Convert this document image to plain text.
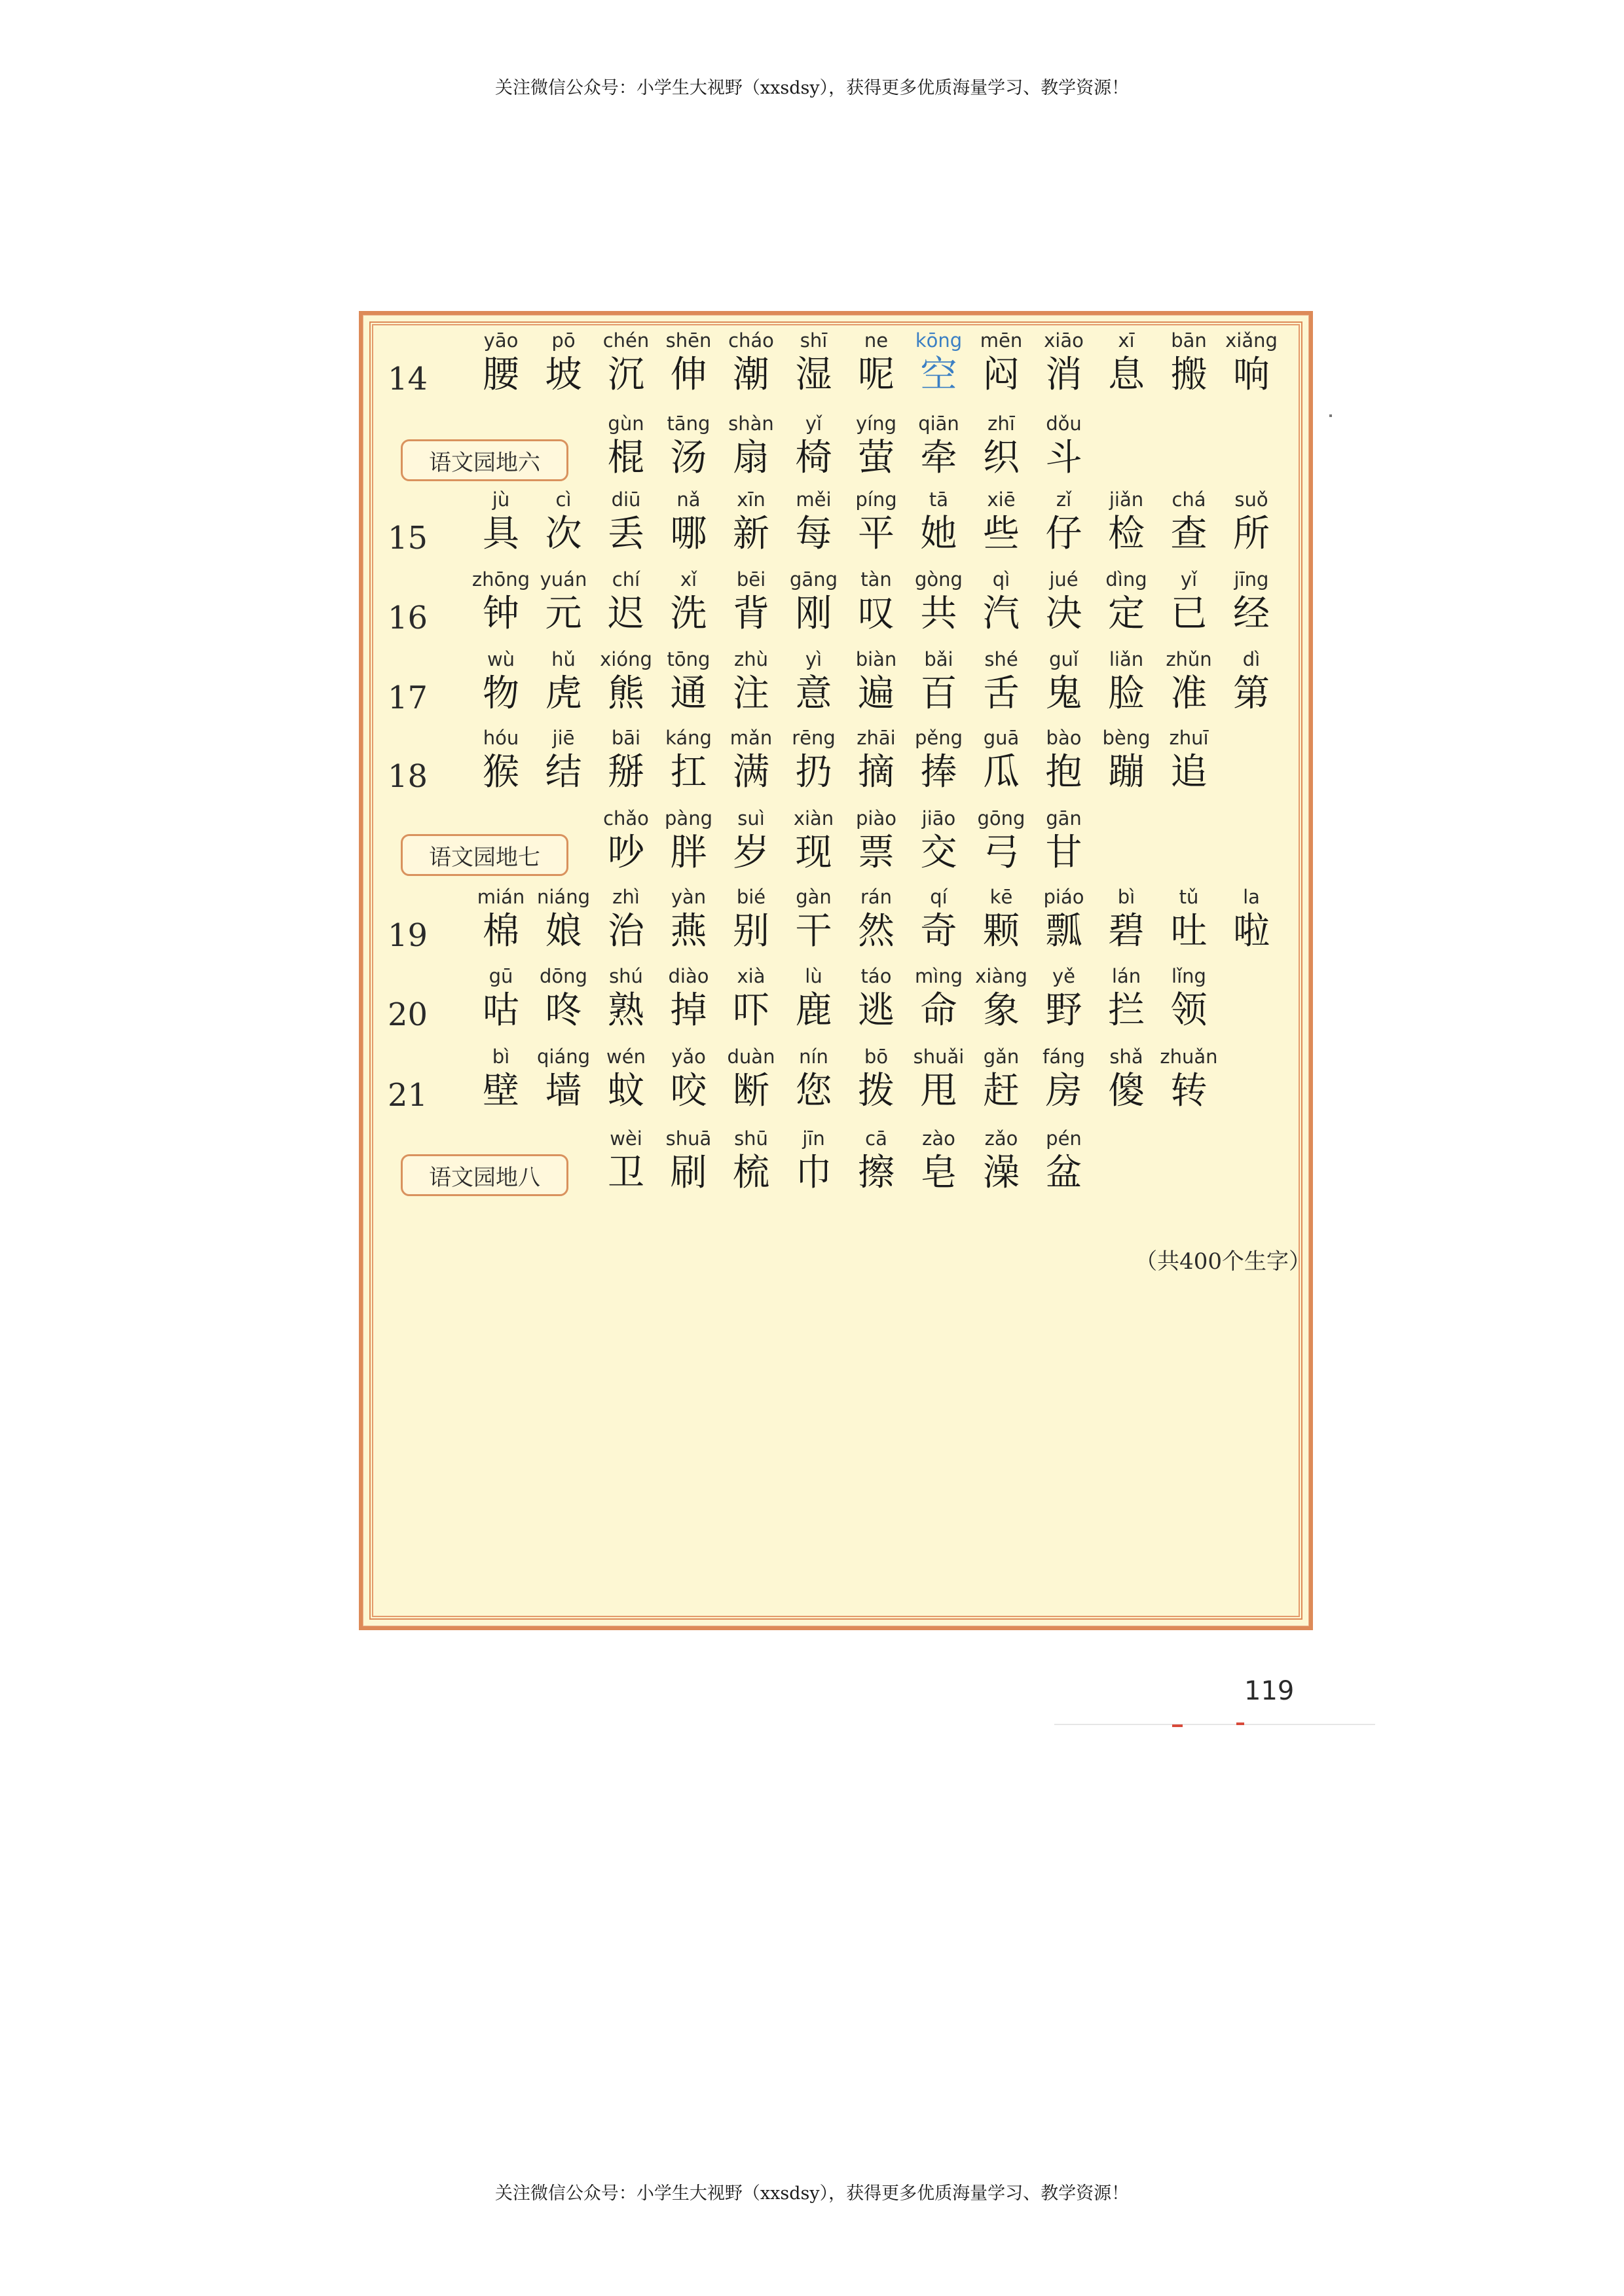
关注微信公众号：小学生大视野（xxsdsy），获得更多优质海量学习、教学资源！
14
yāo
腰
pō
坡
chén
沉
shēn
伸
cháo
潮
shī
湿
ne
呢
kōng
空
mēn
闷
xiāo
消
xī
息
bān
搬
xiǎng
响
语文园地六
gùn
棍
tāng
汤
shàn
扇
yǐ
椅
yíng
萤
qiān
牵
zhī
织
dǒu
斗
15
jù
具
cì
次
diū
丢
nǎ
哪
xīn
新
měi
每
píng
平
tā
她
xiē
些
zǐ
仔
jiǎn
检
chá
查
suǒ
所
16
zhōng
钟
yuán
元
chí
迟
xǐ
洗
bēi
背
gāng
刚
tàn
叹
gòng
共
qì
汽
jué
决
dìng
定
yǐ
已
jīng
经
17
wù
物
hǔ
虎
xióng
熊
tōng
通
zhù
注
yì
意
biàn
遍
bǎi
百
shé
舌
guǐ
鬼
liǎn
脸
zhǔn
准
dì
第
18
hóu
猴
jiē
结
bāi
掰
káng
扛
mǎn
满
rēng
扔
zhāi
摘
pěng
捧
guā
瓜
bào
抱
bèng
蹦
zhuī
追
语文园地七
chǎo
吵
pàng
胖
suì
岁
xiàn
现
piào
票
jiāo
交
gōng
弓
gān
甘
19
mián
棉
niáng
娘
zhì
治
yàn
燕
bié
别
gàn
干
rán
然
qí
奇
kē
颗
piáo
瓢
bì
碧
tǔ
吐
la
啦
20
gū
咕
dōng
咚
shú
熟
diào
掉
xià
吓
lù
鹿
táo
逃
mìng
命
xiàng
象
yě
野
lán
拦
lǐng
领
21
bì
壁
qiáng
墙
wén
蚊
yǎo
咬
duàn
断
nín
您
bō
拨
shuǎi
甩
gǎn
赶
fáng
房
shǎ
傻
zhuǎn
转
语文园地八
wèi
卫
shuā
刷
shū
梳
jīn
巾
cā
擦
zào
皂
zǎo
澡
pén
盆
（共400个生字）
119
关注微信公众号：小学生大视野（xxsdsy），获得更多优质海量学习、教学资源！
